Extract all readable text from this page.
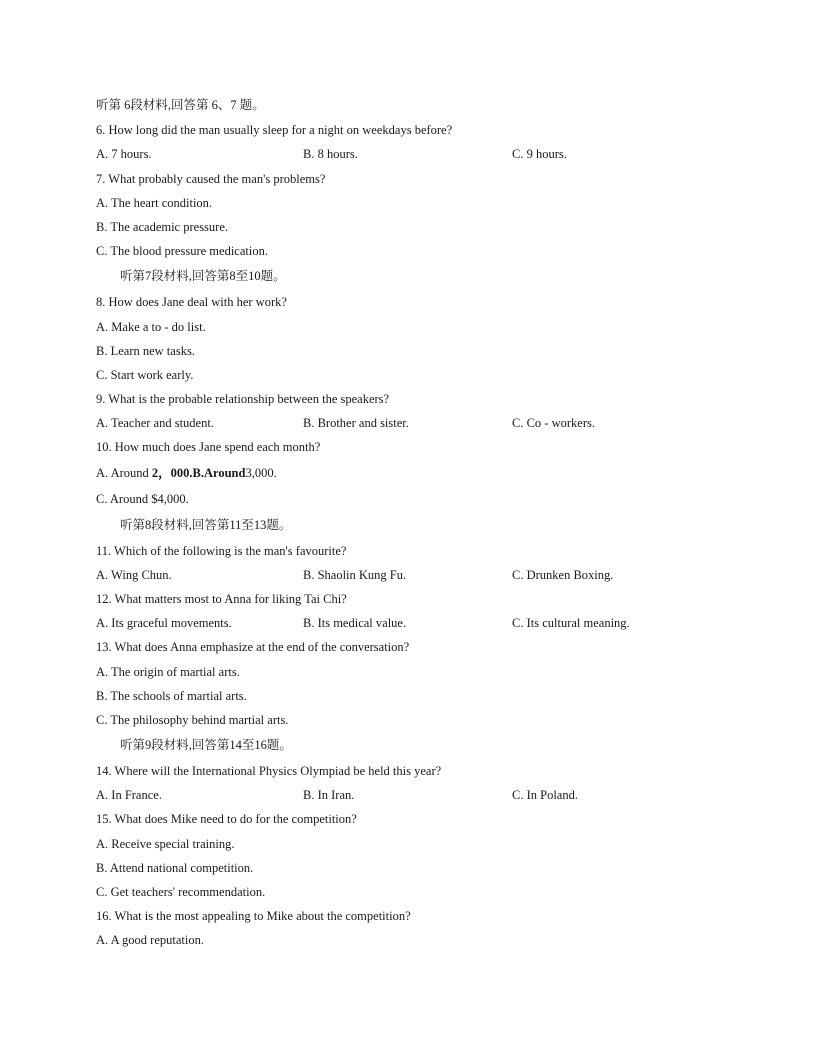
听第 6段材料,回答第 6、7 题。
6. How long did the man usually sleep for a night on weekdays before?
A. 7 hours.	B. 8 hours.	C. 9 hours.
7. What probably caused the man's problems?
A. The heart condition.
B. The academic pressure.
C. The blood pressure medication.
听第7段材料,回答第8至10题。
8. How does Jane deal with her work?
A. Make a to - do list.
B. Learn new tasks.
C. Start work early.
9. What is the probable relationship between the speakers?
A. Teacher and student.	B. Brother and sister.	C. Co - workers.
10. How much does Jane spend each month?
A. Around 2，000.B.Around3,000.
C. Around $4,000.
听第8段材料,回答第11至13题。
11. Which of the following is the man's favourite?
A. Wing Chun.	B. Shaolin Kung Fu.	C. Drunken Boxing.
12. What matters most to Anna for liking Tai Chi?
A. Its graceful movements.	B. Its medical value.	C. Its cultural meaning.
13. What does Anna emphasize at the end of the conversation?
A. The origin of martial arts.
B. The schools of martial arts.
C. The philosophy behind martial arts.
听第9段材料,回答第14至16题。
14. Where will the International Physics Olympiad be held this year?
A. In France.	B. In Iran.	C. In Poland.
15. What does Mike need to do for the competition?
A. Receive special training.
B. Attend national competition.
C. Get teachers' recommendation.
16. What is the most appealing to Mike about the competition?
A. A good reputation.
